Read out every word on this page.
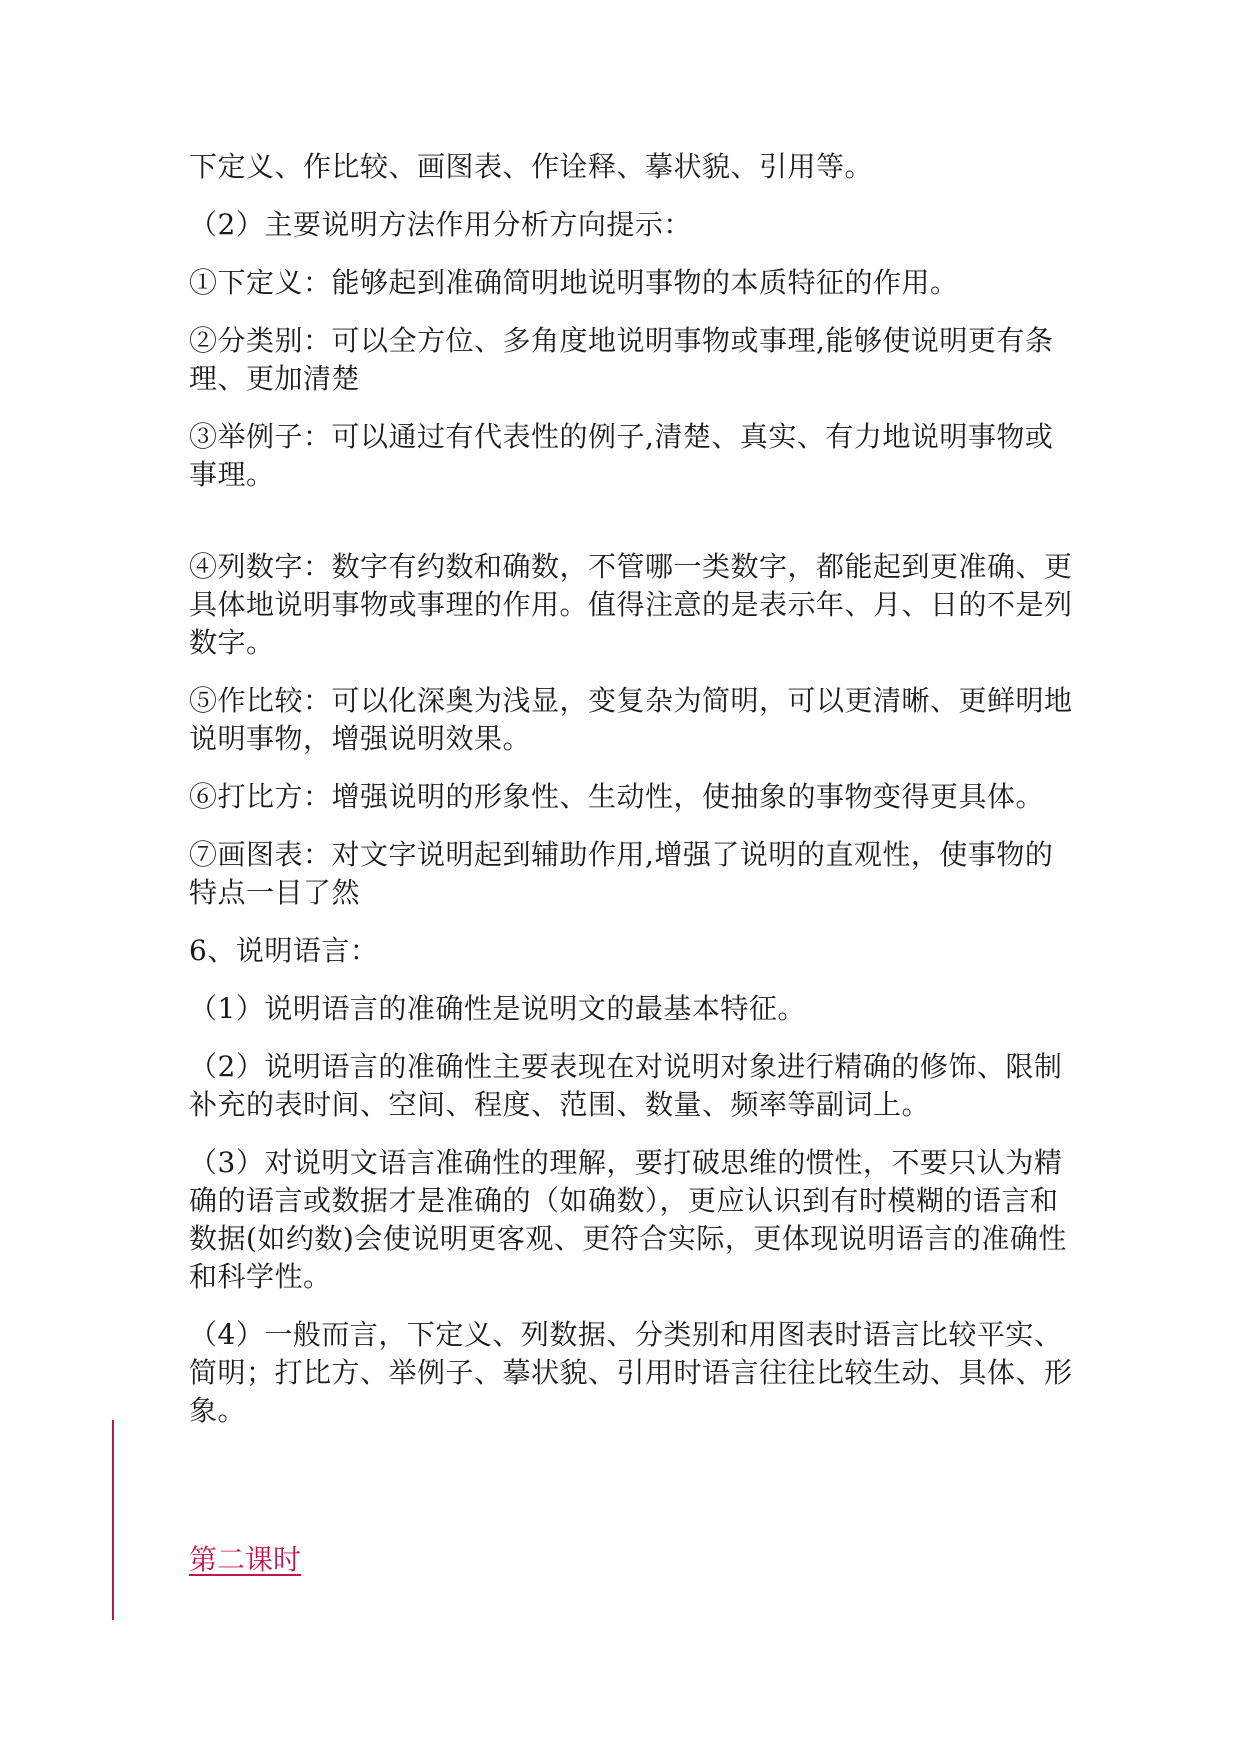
下定义、作比较、画图表、作诠释、摹状貌、引用等。

（2）主要说明方法作用分析方向提示：

①下定义：能够起到准确简明地说明事物的本质特征的作用。

②分类别：可以全方位、多角度地说明事物或事理,能够使说明更有条理、更加清楚

③举例子：可以通过有代表性的例子,清楚、真实、有力地说明事物或事理。

④列数字：数字有约数和确数，不管哪一类数字，都能起到更准确、更具体地说明事物或事理的作用。值得注意的是表示年、月、日的不是列数字。

⑤作比较：可以化深奥为浅显，变复杂为简明，可以更清晰、更鲜明地说明事物，增强说明效果。

⑥打比方：增强说明的形象性、生动性，使抽象的事物变得更具体。

⑦画图表：对文字说明起到辅助作用,增强了说明的直观性，使事物的特点一目了然

6、说明语言：

（1）说明语言的准确性是说明文的最基本特征。

（2）说明语言的准确性主要表现在对说明对象进行精确的修饰、限制补充的表时间、空间、程度、范围、数量、频率等副词上。

（3）对说明文语言准确性的理解，要打破思维的惯性，不要只认为精确的语言或数据才是准确的（如确数），更应认识到有时模糊的语言和数据(如约数)会使说明更客观、更符合实际，更体现说明语言的准确性和科学性。

（4）一般而言，下定义、列数据、分类别和用图表时语言比较平实、简明；打比方、举例子、摹状貌、引用时语言往往比较生动、具体、形象。

第二课时
